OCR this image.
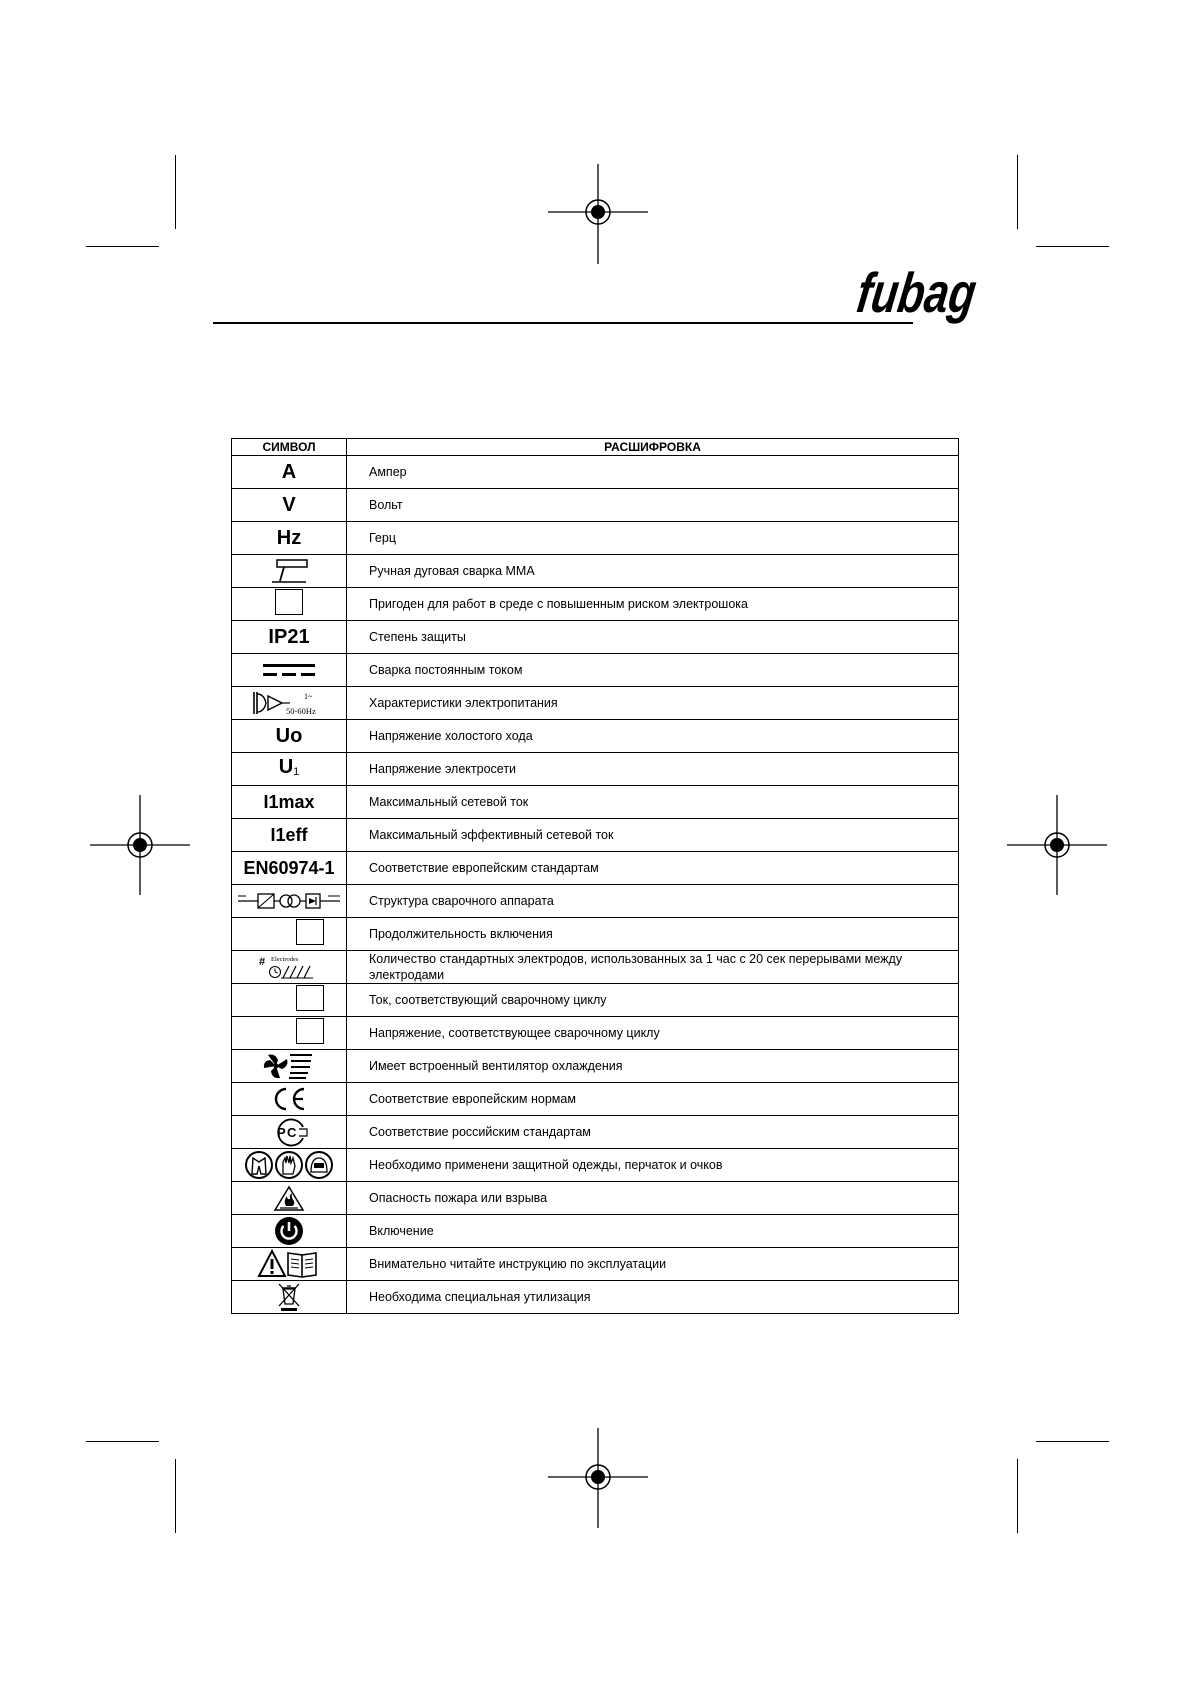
fubag
СИМВОЛ	РАСШИФРОВКА
A	Ампер
V	Вольт
Hz	Герц

	Ручная дуговая сварка MMA
	Пригоден для работ в среде с повышенным риском электрошока
IP21	Степень защиты

	Сварка постоянным током

1~
50-60Hz	Характеристики электропитания
Uo	Напряжение холостого хода
$U_1$	Напряжение электросети
I1max	Максимальный сетевой ток
I1eff	Максимальный эффективный сетевой ток
EN60974-1	Соответствие европейским стандартам

	Структура сварочного аппарата
	Продолжительность включения

# Electrodes	Количество стандартных электродов, использованных за 1 час с 20 сек перерывами между электродами
	Ток, соответствующий сварочному циклу
	Напряжение, соответствующее сварочному циклу

	Имеет встроенный вентилятор охлаждения

	Соответствие европейским нормам

Р С	Соответствие российским стандартам

	Необходимо применени защитной одежды, перчаток и очков

	Опасность пожара или взрыва

	Включение

	Внимательно читайте инструкцию по эксплуатации

	Необходима специальная утилизация
